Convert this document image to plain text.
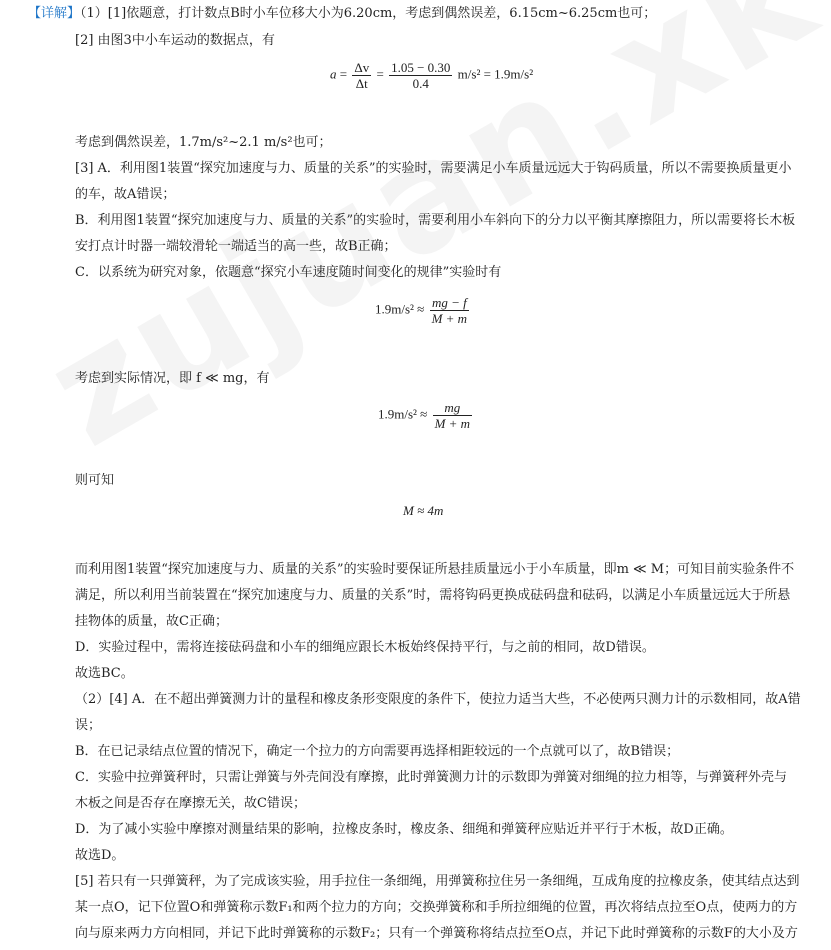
【详解】（1）[1]依题意，打计数点B时小车位移大小为6.20cm，考虑到偶然误差，6.15cm~6.25cm也可；
[2] 由图3中小车运动的数据点，有
$a = \frac{\Delta v}{\Delta t} = \frac{1.05 - 0.30}{0.4} m/s^2 = 1.9m/s^2$
考虑到偶然误差，1.7m/s²~2.1 m/s²也可；
[3] A．利用图1装置“探究加速度与力、质量的关系”的实验时，需要满足小车质量远远大于钩码质量，所以不需要换质量更小
的车，故A错误；
B．利用图1装置“探究加速度与力、质量的关系”的实验时，需要利用小车斜向下的分力以平衡其摩擦阻力，所以需要将长木板
安打点计时器一端较滑轮一端适当的高一些，故B正确；
C．以系统为研究对象，依题意“探究小车速度随时间变化的规律”实验时有
$1.9m/s^2 \approx \frac{mg - f}{M + m}$
考虑到实际情况，即 f ≪ mg，有
$1.9m/s^2 \approx \frac{mg}{M + m}$
则可知
M ≈ 4m
而利用图1装置“探究加速度与力、质量的关系”的实验时要保证所悬挂质量远小于小车质量，即m ≪ M；可知目前实验条件不
满足，所以利用当前装置在“探究加速度与力、质量的关系”时，需将钩码更换成砝码盘和砝码，以满足小车质量远远大于所悬
挂物体的质量，故C正确；
D．实验过程中，需将连接砝码盘和小车的细绳应跟长木板始终保持平行，与之前的相同，故D错误。
故选BC。
（2）[4] A．在不超出弹簧测力计的量程和橡皮条形变限度的条件下，使拉力适当大些，不必使两只测力计的示数相同，故A错
误；
B．在已记录结点位置的情况下，确定一个拉力的方向需要再选择相距较远的一个点就可以了，故B错误；
C．实验中拉弹簧秤时，只需让弹簧与外壳间没有摩擦，此时弹簧测力计的示数即为弹簧对细绳的拉力相等，与弹簧秤外壳与
木板之间是否存在摩擦无关，故C错误；
D．为了减小实验中摩擦对测量结果的影响，拉橡皮条时，橡皮条、细绳和弹簧秤应贴近并平行于木板，故D正确。
故选D。
[5] 若只有一只弹簧秤，为了完成该实验，用手拉住一条细绳，用弹簧称拉住另一条细绳，互成角度的拉橡皮条，使其结点达到
某一点O，记下位置O和弹簧称示数F₁和两个拉力的方向；交换弹簧称和手所拉细绳的位置，再次将结点拉至O点，使两力的方
向与原来两力方向相同，并记下此时弹簧称的示数F₂；只有一个弹簧称将结点拉至O点，并记下此时弹簧称的示数F的大小及方
